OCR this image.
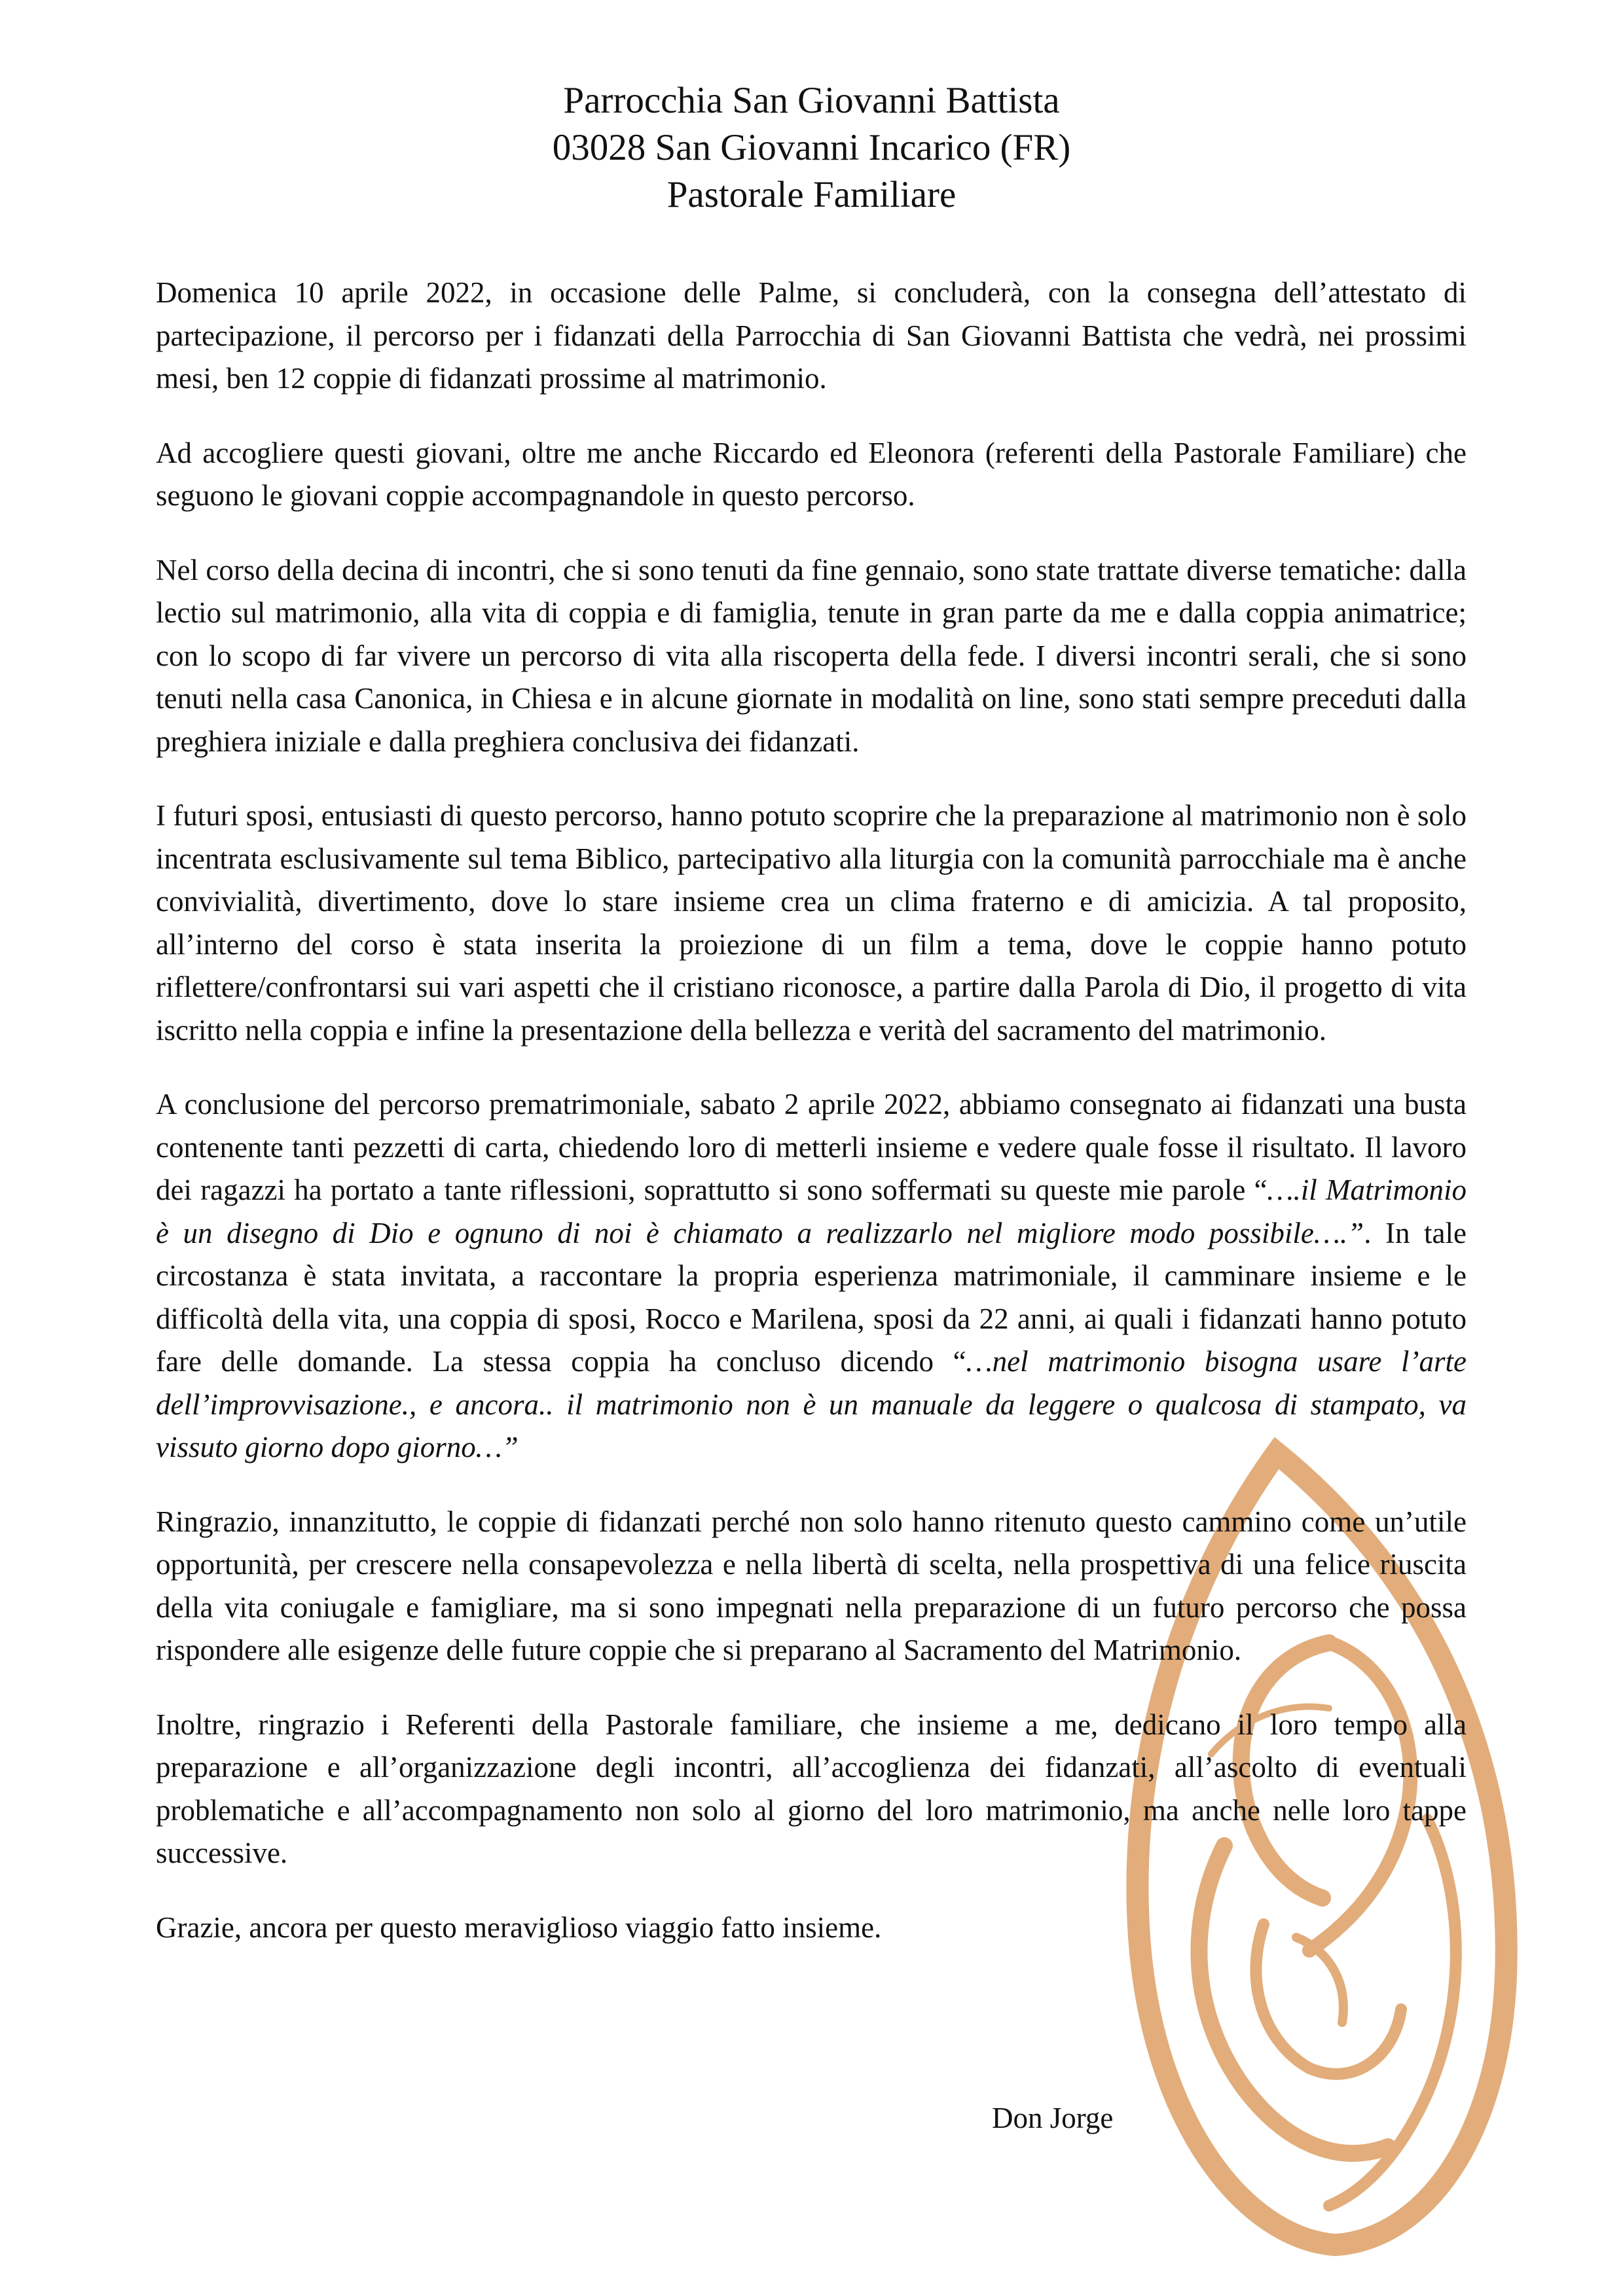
Parrocchia San Giovanni Battista
03028 San Giovanni Incarico (FR)
Pastorale Familiare

Domenica 10 aprile 2022, in occasione delle Palme, si concluderà, con la consegna dell’attestato di partecipazione, il percorso per i fidanzati della Parrocchia di San Giovanni Battista che vedrà, nei prossimi mesi, ben 12 coppie di fidanzati prossime al matrimonio.

Ad accogliere questi giovani, oltre me anche Riccardo ed Eleonora (referenti della Pastorale Familiare) che seguono le giovani coppie accompagnandole in questo percorso.

Nel corso della decina di incontri, che si sono tenuti da fine gennaio, sono state trattate diverse tematiche: dalla lectio sul matrimonio, alla vita di coppia e di famiglia, tenute in gran parte da me e dalla coppia animatrice; con lo scopo di far vivere un percorso di vita alla riscoperta della fede. I diversi incontri serali, che si sono tenuti nella casa Canonica, in Chiesa e in alcune giornate in modalità on line, sono stati sempre preceduti dalla preghiera iniziale e dalla preghiera conclusiva dei fidanzati.

I futuri sposi, entusiasti di questo percorso, hanno potuto scoprire che la preparazione al matrimonio non è solo incentrata esclusivamente sul tema Biblico, partecipativo alla liturgia con la comunità parrocchiale ma è anche convivialità, divertimento, dove lo stare insieme crea un clima fraterno e di amicizia. A tal proposito, all’interno del corso è stata inserita la proiezione di un film a tema, dove le coppie hanno potuto riflettere/confrontarsi sui vari aspetti che il cristiano riconosce, a partire dalla Parola di Dio, il progetto di vita iscritto nella coppia e infine la presentazione della bellezza e verità del sacramento del matrimonio.

A conclusione del percorso prematrimoniale, sabato 2 aprile 2022, abbiamo consegnato ai fidanzati una busta contenente tanti pezzetti di carta, chiedendo loro di metterli insieme e vedere quale fosse il risultato. Il lavoro dei ragazzi ha portato a tante riflessioni, soprattutto si sono soffermati su queste mie parole “….il Matrimonio è un disegno di Dio e ognuno di noi è chiamato a realizzarlo nel migliore modo possibile….”. In tale circostanza è stata invitata, a raccontare la propria esperienza matrimoniale, il camminare insieme e le difficoltà della vita, una coppia di sposi, Rocco e Marilena, sposi da 22 anni, ai quali i fidanzati hanno potuto fare delle domande. La stessa coppia ha concluso dicendo “…nel matrimonio bisogna usare l’arte dell’improvvisazione., e ancora.. il matrimonio non è un manuale da leggere o qualcosa di stampato, va vissuto giorno dopo giorno…”

Ringrazio, innanzitutto, le coppie di fidanzati perché non solo hanno ritenuto questo cammino come un’utile opportunità, per crescere nella consapevolezza e nella libertà di scelta, nella prospettiva di una felice riuscita della vita coniugale e famigliare, ma si sono impegnati nella preparazione di un futuro percorso che possa rispondere alle esigenze delle future coppie che si preparano al Sacramento del Matrimonio.

Inoltre, ringrazio i Referenti della Pastorale familiare, che insieme a me, dedicano il loro tempo alla preparazione e all’organizzazione degli incontri, all’accoglienza dei fidanzati, all’ascolto di eventuali problematiche e all’accompagnamento non solo al giorno del loro matrimonio, ma anche nelle loro tappe successive.

Grazie, ancora per questo meraviglioso viaggio fatto insieme.

Don Jorge
